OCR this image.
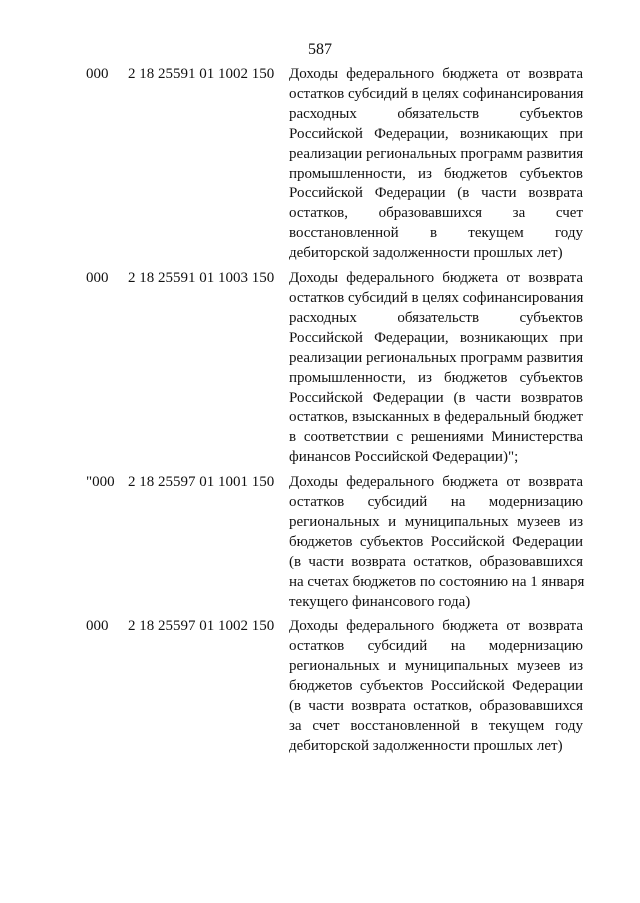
587
000 2 18 25591 01 1002 150 Доходы федерального бюджета от возврата
остатков субсидий в целях софинансирования
расходных обязательств субъектов
Российской Федерации, возникающих при
реализации региональных программ развития
промышленности, из бюджетов субъектов
Российской Федерации (в части возврата
остатков, образовавшихся за счет
восстановленной в текущем году
дебиторской задолженности прошлых лет)
000 2 18 25591 01 1003 150 Доходы федерального бюджета от возврата
остатков субсидий в целях софинансирования
расходных обязательств субъектов
Российской Федерации, возникающих при
реализации региональных программ развития
промышленности, из бюджетов субъектов
Российской Федерации (в части возвратов
остатков, взысканных в федеральный бюджет
в соответствии с решениями Министерства
финансов Российской Федерации)";
"000 2 18 25597 01 1001 150 Доходы федерального бюджета от возврата
остатков субсидий на модернизацию
региональных и муниципальных музеев из
бюджетов субъектов Российской Федерации
(в части возврата остатков, образовавшихся
на счетах бюджетов по состоянию на 1 января
текущего финансового года)
000 2 18 25597 01 1002 150 Доходы федерального бюджета от возврата
остатков субсидий на модернизацию
региональных и муниципальных музеев из
бюджетов субъектов Российской Федерации
(в части возврата остатков, образовавшихся
за счет восстановленной в текущем году
дебиторской задолженности прошлых лет)
